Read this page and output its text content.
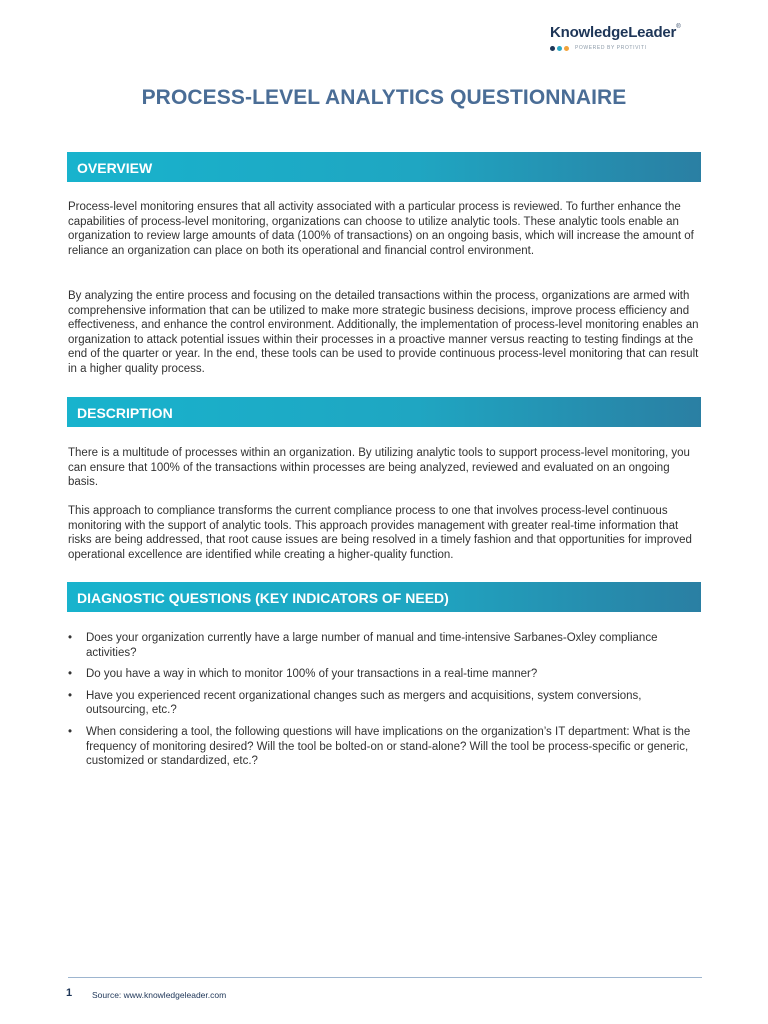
KnowledgeLeader®
POWERED BY PROTIVITI
PROCESS-LEVEL ANALYTICS QUESTIONNAIRE
OVERVIEW

Process-level monitoring ensures that all activity associated with a particular process is reviewed. To further enhance the capabilities of process-level monitoring, organizations can choose to utilize analytic tools. These analytic tools enable an organization to review large amounts of data (100% of transactions) on an ongoing basis, which will increase the amount of reliance an organization can place on both its operational and financial control environment.

By analyzing the entire process and focusing on the detailed transactions within the process, organizations are armed with comprehensive information that can be utilized to make more strategic business decisions, improve process efficiency and effectiveness, and enhance the control environment. Additionally, the implementation of process-level monitoring enables an organization to attack potential issues within their processes in a proactive manner versus reacting to testing findings at the end of the quarter or year. In the end, these tools can be used to provide continuous process-level monitoring that can result in a higher quality process.

DESCRIPTION

There is a multitude of processes within an organization. By utilizing analytic tools to support process-level monitoring, you can ensure that 100% of the transactions within processes are being analyzed, reviewed and evaluated on an ongoing basis.

This approach to compliance transforms the current compliance process to one that involves process-level continuous monitoring with the support of analytic tools. This approach provides management with greater real-time information that risks are being addressed, that root cause issues are being resolved in a timely fashion and that opportunities for improved operational excellence are identified while creating a higher-quality function.

DIAGNOSTIC QUESTIONS (KEY INDICATORS OF NEED)
• Does your organization currently have a large number of manual and time-intensive Sarbanes-Oxley compliance activities?
• Do you have a way in which to monitor 100% of your transactions in a real-time manner?
• Have you experienced recent organizational changes such as mergers and acquisitions, system conversions, outsourcing, etc.?
• When considering a tool, the following questions will have implications on the organization’s IT department: What is the frequency of monitoring desired? Will the tool be bolted-on or stand-alone? Will the tool be process-specific or generic, customized or standardized, etc.?
1 Source: www.knowledgeleader.com
